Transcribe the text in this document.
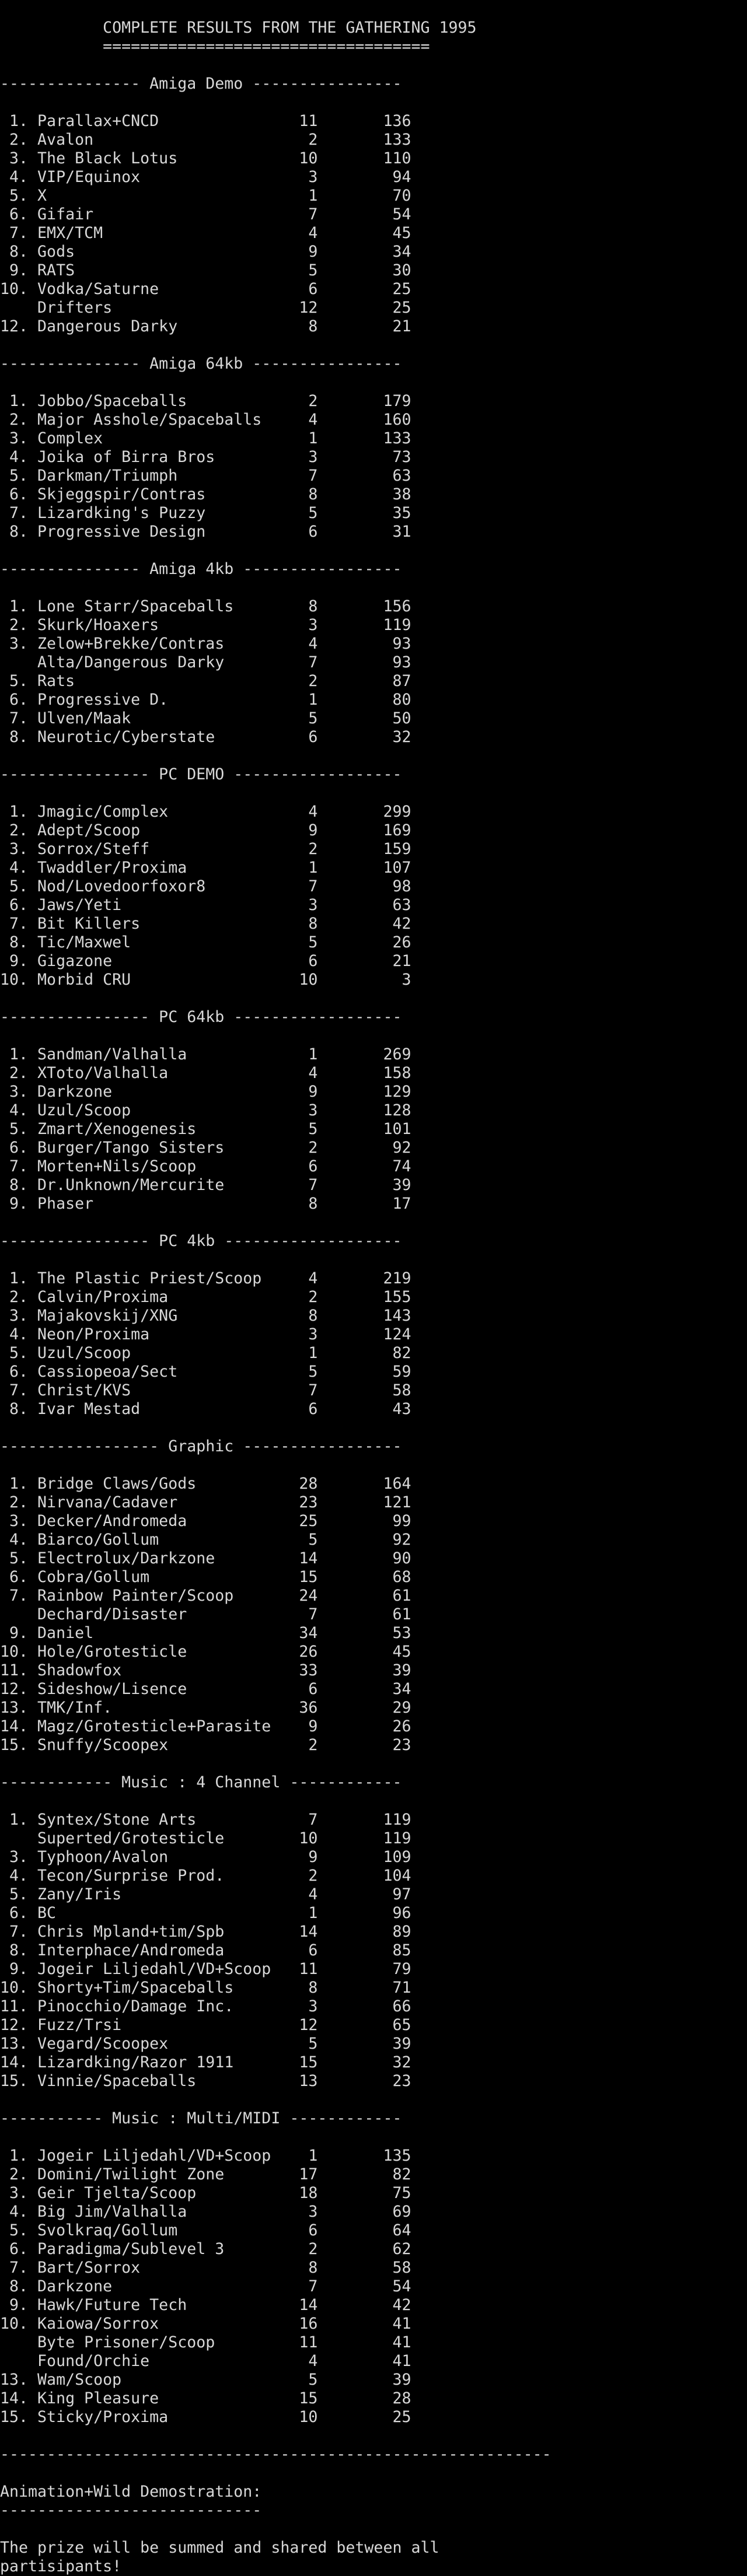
COMPLETE RESULTS FROM THE GATHERING 1995
===================================
--------------- Amiga Demo ----------------
1. Parallax+CNCD               11       136
2. Avalon                       2       133
3. The Black Lotus             10       110
4. VIP/Equinox                  3        94
5. X                            1        70
6. Gifair                       7        54
7. EMX/TCM                      4        45
8. Gods                         9        34
9. RATS                         5        30
10. Vodka/Saturne                6        25
Drifters                    12        25
12. Dangerous Darky              8        21
--------------- Amiga 64kb ----------------
1. Jobbo/Spaceballs             2       179
2. Major Asshole/Spaceballs     4       160
3. Complex                      1       133
4. Joika of Birra Bros          3        73
5. Darkman/Triumph              7        63
6. Skjeggspir/Contras           8        38
7. Lizardking's Puzzy           5        35
8. Progressive Design           6        31
--------------- Amiga 4kb -----------------
1. Lone Starr/Spaceballs        8       156
2. Skurk/Hoaxers                3       119
3. Zelow+Brekke/Contras         4        93
Alta/Dangerous Darky         7        93
5. Rats                         2        87
6. Progressive D.               1        80
7. Ulven/Maak                   5        50
8. Neurotic/Cyberstate          6        32
---------------- PC DEMO ------------------
1. Jmagic/Complex               4       299
2. Adept/Scoop                  9       169
3. Sorrox/Steff                 2       159
4. Twaddler/Proxima             1       107
5. Nod/Lovedoorfoxor8           7        98
6. Jaws/Yeti                    3        63
7. Bit Killers                  8        42
8. Tic/Maxwel                   5        26
9. Gigazone                     6        21
10. Morbid CRU                  10         3
---------------- PC 64kb ------------------
1. Sandman/Valhalla             1       269
2. XToto/Valhalla               4       158
3. Darkzone                     9       129
4. Uzul/Scoop                   3       128
5. Zmart/Xenogenesis            5       101
6. Burger/Tango Sisters         2        92
7. Morten+Nils/Scoop            6        74
8. Dr.Unknown/Mercurite         7        39
9. Phaser                       8        17
---------------- PC 4kb -------------------
1. The Plastic Priest/Scoop     4       219
2. Calvin/Proxima               2       155
3. Majakovskij/XNG              8       143
4. Neon/Proxima                 3       124
5. Uzul/Scoop                   1        82
6. Cassiopeoa/Sect              5        59
7. Christ/KVS                   7        58
8. Ivar Mestad                  6        43
----------------- Graphic -----------------
1. Bridge Claws/Gods           28       164
2. Nirvana/Cadaver             23       121
3. Decker/Andromeda            25        99
4. Biarco/Gollum                5        92
5. Electrolux/Darkzone         14        90
6. Cobra/Gollum                15        68
7. Rainbow Painter/Scoop       24        61
Dechard/Disaster             7        61
9. Daniel                      34        53
10. Hole/Grotesticle            26        45
11. Shadowfox                   33        39
12. Sideshow/Lisence             6        34
13. TMK/Inf.                    36        29
14. Magz/Grotesticle+Parasite    9        26
15. Snuffy/Scoopex               2        23
------------ Music : 4 Channel ------------
1. Syntex/Stone Arts            7       119
Superted/Grotesticle        10       119
3. Typhoon/Avalon               9       109
4. Tecon/Surprise Prod.         2       104
5. Zany/Iris                    4        97
6. BC                           1        96
7. Chris Mpland+tim/Spb        14        89
8. Interphace/Andromeda         6        85
9. Jogeir Liljedahl/VD+Scoop   11        79
10. Shorty+Tim/Spaceballs        8        71
11. Pinocchio/Damage Inc.        3        66
12. Fuzz/Trsi                   12        65
13. Vegard/Scoopex               5        39
14. Lizardking/Razor 1911       15        32
15. Vinnie/Spaceballs           13        23
----------- Music : Multi/MIDI ------------
1. Jogeir Liljedahl/VD+Scoop    1       135
2. Domini/Twilight Zone        17        82
3. Geir Tjelta/Scoop           18        75
4. Big Jim/Valhalla             3        69
5. Svolkraq/Gollum              6        64
6. Paradigma/Sublevel 3         2        62
7. Bart/Sorrox                  8        58
8. Darkzone                     7        54
9. Hawk/Future Tech            14        42
10. Kaiowa/Sorrox               16        41
Byte Prisoner/Scoop         11        41
Found/Orchie                 4        41
13. Wam/Scoop                    5        39
14. King Pleasure               15        28
15. Sticky/Proxima              10        25
-----------------------------------------------------------
Animation+Wild Demostration:
----------------------------
The prize will be summed and shared between all
partisipants!
